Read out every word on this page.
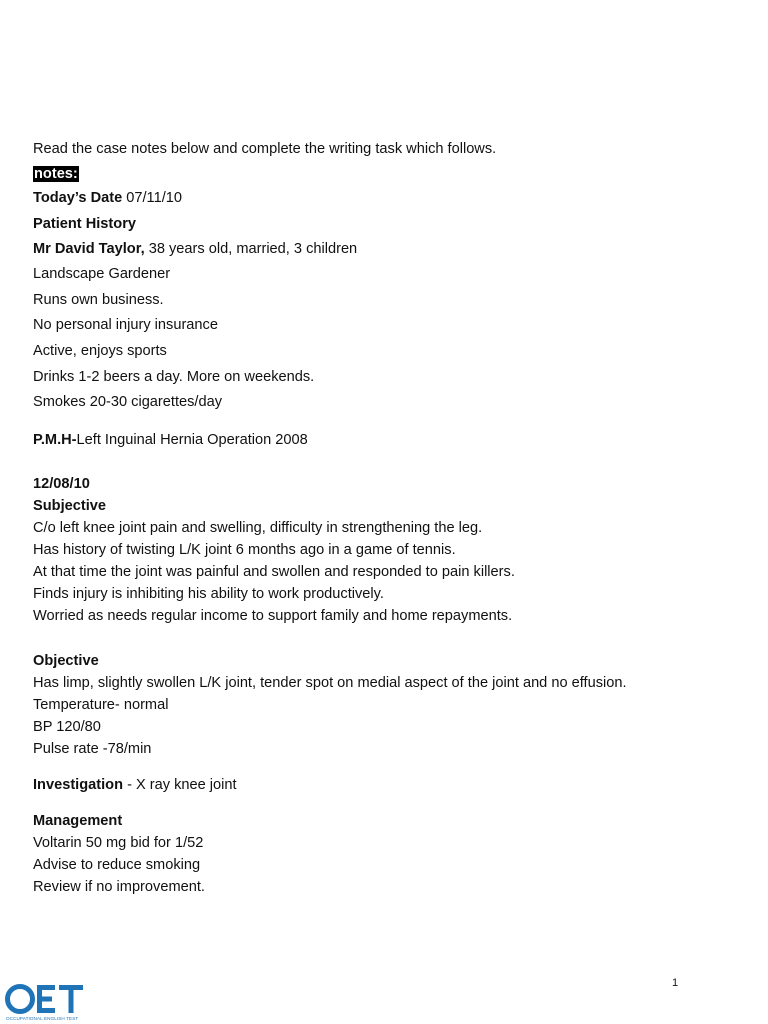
Read the case notes below and complete the writing task which follows.
notes:
Today’s Date 07/11/10
Patient History
Mr David Taylor, 38 years old, married, 3 children
Landscape Gardener
Runs own business.
No personal injury insurance
Active, enjoys sports
Drinks 1-2 beers a day. More on weekends.
Smokes 20-30 cigarettes/day
P.M.H-Left Inguinal Hernia Operation 2008
12/08/10
Subjective
C/o left knee joint pain and swelling, difficulty in strengthening the leg.
Has history of twisting L/K joint 6 months ago in a game of tennis.
At that time the joint was painful and swollen and responded to pain killers.
Finds injury is inhibiting his ability to work productively.
Worried as needs regular income to support family and home repayments.
Objective
Has limp, slightly swollen L/K joint, tender spot on medial aspect of the joint and no effusion.
Temperature- normal
BP 120/80
Pulse rate -78/min
Investigation - X ray knee joint
Management
Voltarin 50 mg bid for 1/52
Advise to reduce smoking
Review if no improvement.
1
OCCUPATIONAL ENGLISH TEST
